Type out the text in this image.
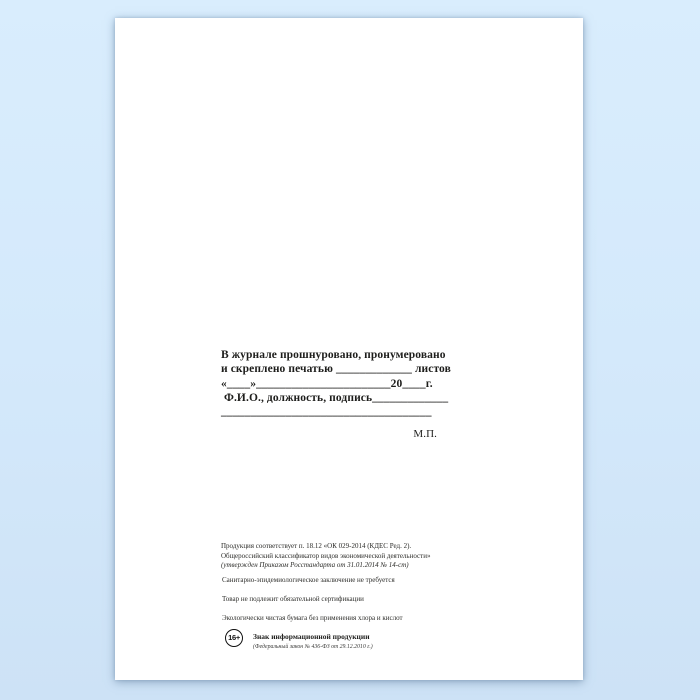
В журнале прошнуровано, пронумеровано
и скреплено печатью _____________ листов
«____»_______________________20____г.
Ф.И.О., должность, подпись_____________
____________________________________
М.П.
Продукция соответствует п. 18.12 «ОК 029-2014 (КДЕС Ред. 2).
Общероссийский классификатор видов экономической деятельности»
(утвержден Приказом Росстандарта от 31.01.2014 № 14-ст)
Санитарно-эпидемиологическое заключение не требуется
Товар не подлежит обязательной сертификации
Экологически чистая бумага без применения хлора и кислот
16+	Знак информационной продукции
(Федеральный закон № 436-ФЗ от 29.12.2010 г.)
